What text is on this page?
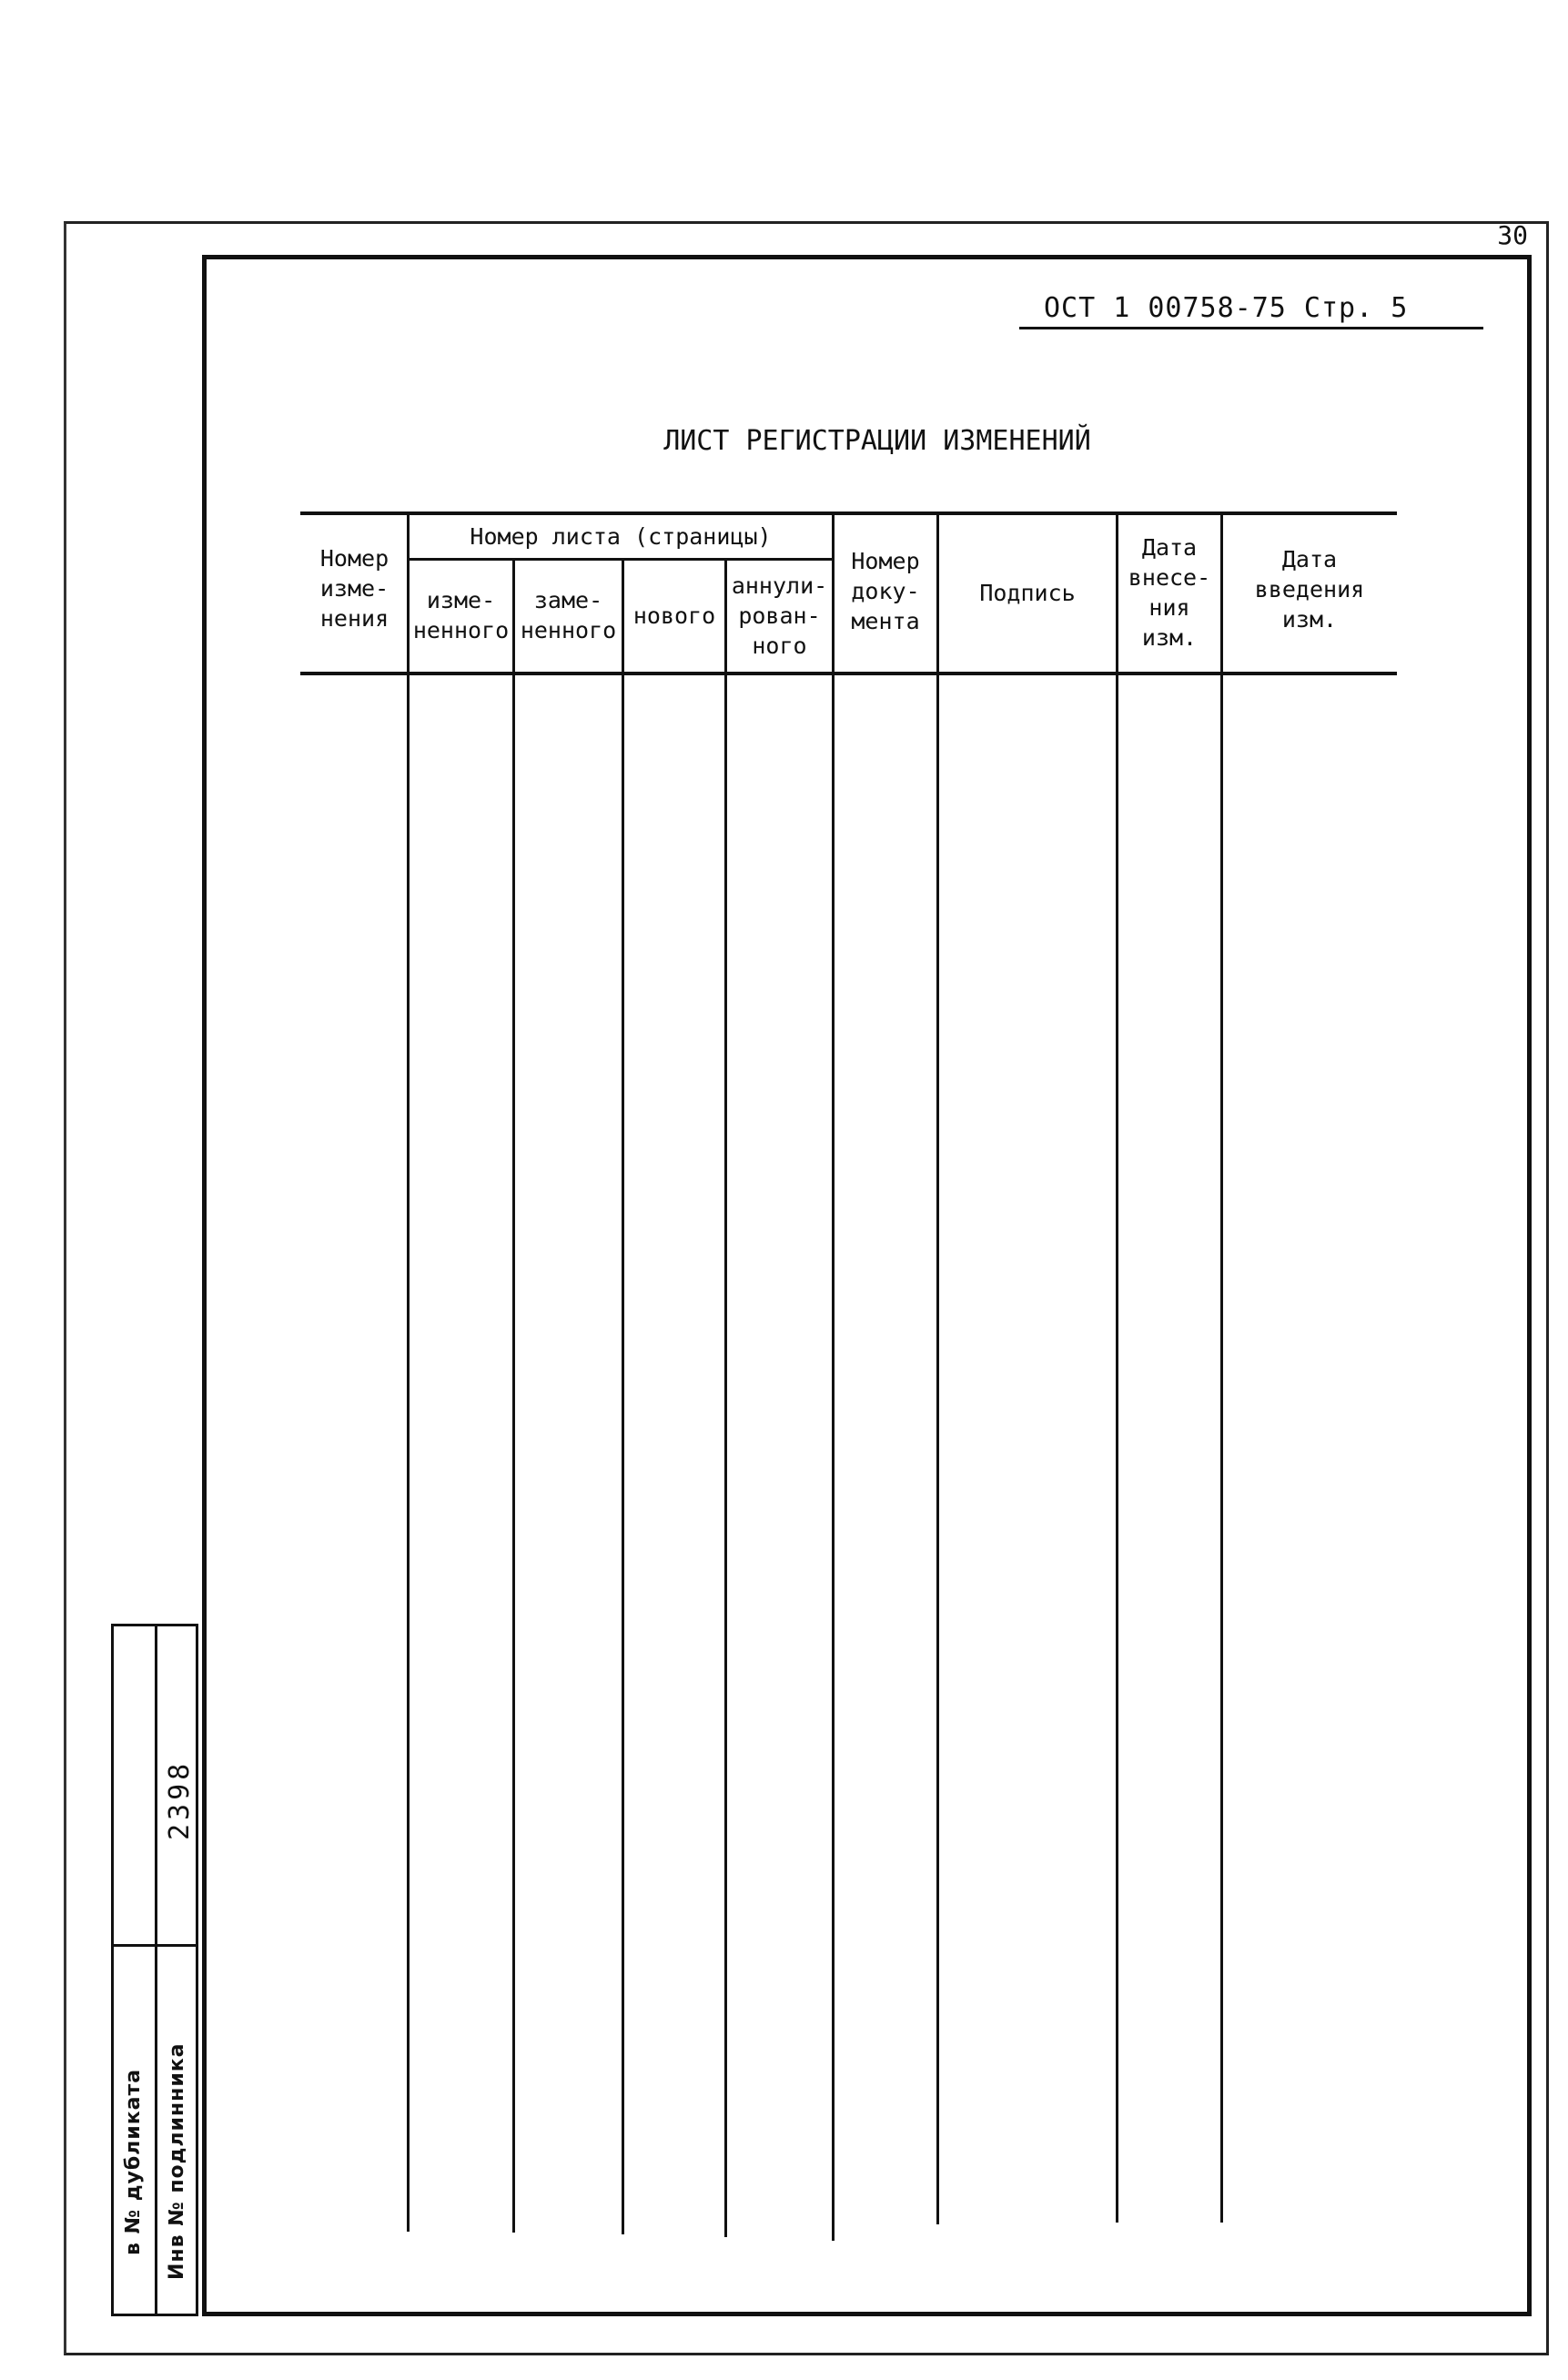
30
ОСТ 1 00758-75 Стр. 5
ЛИСТ РЕГИСТРАЦИИ ИЗМЕНЕНИЙ
Номер
изме-
нения
Номер листа (страницы)
изме-
ненного
заме-
ненного
нового
аннули-
рован-
ного
Номер
доку-
мента
Подпись
Дата
внесе-
ния
изм.
Дата
введения
изм.
в № дубликата Инв № подлинника
2398
